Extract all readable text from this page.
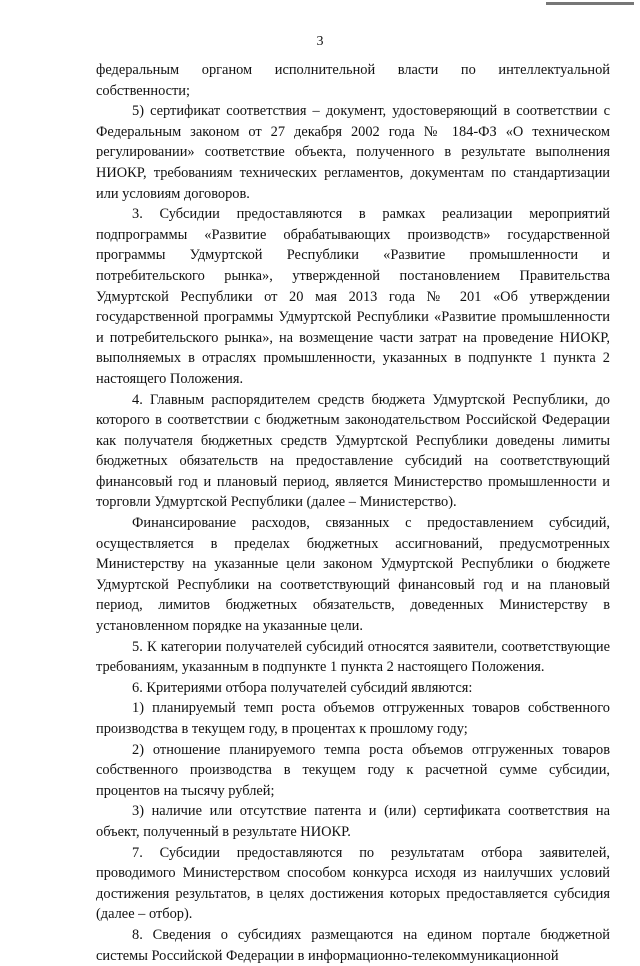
3

федеральным органом исполнительной власти по интеллектуальной собственности;

5) сертификат соответствия – документ, удостоверяющий в соответствии с Федеральным законом от 27 декабря 2002 года № 184-ФЗ «О техническом регулировании» соответствие объекта, полученного в результате выполнения НИОКР, требованиям технических регламентов, документам по стандартизации или условиям договоров.

3. Субсидии предоставляются в рамках реализации мероприятий подпрограммы «Развитие обрабатывающих производств» государственной программы Удмуртской Республики «Развитие промышленности и потребительского рынка», утвержденной постановлением Правительства Удмуртской Республики от 20 мая 2013 года № 201 «Об утверждении государственной программы Удмуртской Республики «Развитие промышленности и потребительского рынка», на возмещение части затрат на проведение НИОКР, выполняемых в отраслях промышленности, указанных в подпункте 1 пункта 2 настоящего Положения.

4. Главным распорядителем средств бюджета Удмуртской Республики, до которого в соответствии с бюджетным законодательством Российской Федерации как получателя бюджетных средств Удмуртской Республики доведены лимиты бюджетных обязательств на предоставление субсидий на соответствующий финансовый год и плановый период, является Министерство промышленности и торговли Удмуртской Республики (далее – Министерство).

Финансирование расходов, связанных с предоставлением субсидий, осуществляется в пределах бюджетных ассигнований, предусмотренных Министерству на указанные цели законом Удмуртской Республики о бюджете Удмуртской Республики на соответствующий финансовый год и на плановый период, лимитов бюджетных обязательств, доведенных Министерству в установленном порядке на указанные цели.

5. К категории получателей субсидий относятся заявители, соответствующие требованиям, указанным в подпункте 1 пункта 2 настоящего Положения.

6. Критериями отбора получателей субсидий являются:

1) планируемый темп роста объемов отгруженных товаров собственного производства в текущем году, в процентах к прошлому году;

2) отношение планируемого темпа роста объемов отгруженных товаров собственного производства в текущем году к расчетной сумме субсидии, процентов на тысячу рублей;

3) наличие или отсутствие патента и (или) сертификата соответствия на объект, полученный в результате НИОКР.

7. Субсидии предоставляются по результатам отбора заявителей, проводимого Министерством способом конкурса исходя из наилучших условий достижения результатов, в целях достижения которых предоставляется субсидия (далее – отбор).

8. Сведения о субсидиях размещаются на едином портале бюджетной системы Российской Федерации в информационно-телекоммуникационной
